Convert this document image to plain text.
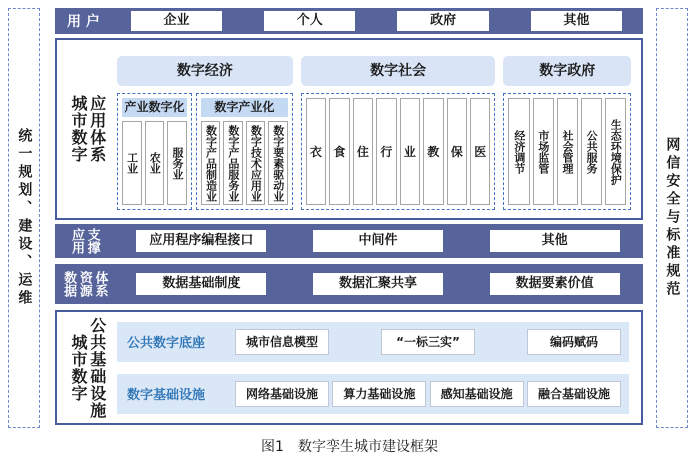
统一规划、建设、运维	网信安全与标准规范
用 户	企业	个人	政府	其他
城市数字 应用体系
数字经济
产业数字化
工业 农业 服务业
数字产业化
数字产品制造业 数字产品服务业 数字技术应用业 数字要素驱动业
数字社会
衣 食 住 行 业 教 保 医
数字政府
经济调节 市场监管 社会管理 公共服务 生态环境保护
应用 支撑	应用程序编程接口	中间件	其他
数据 资源 体系	数据基础制度	数据汇聚共享	数据要素价值
城市数字 公共基础设施	公共数字底座	城市信息模型	“一标三实”	编码赋码
数字基础设施	网络基础设施	算力基础设施	感知基础设施	融合基础设施
图1　数字孪生城市建设框架
